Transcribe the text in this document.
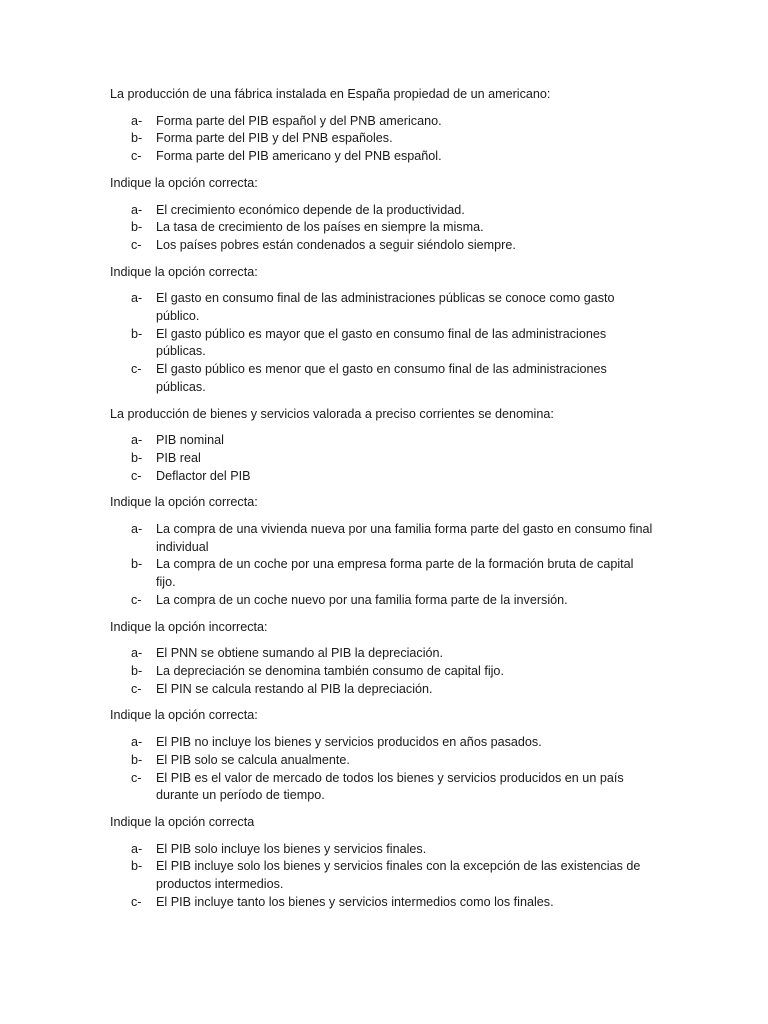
La producción de una fábrica instalada en España propiedad de un americano:

a-	Forma parte del PIB español y del PNB americano.
b-	Forma parte del PIB y del PNB españoles.
c-	Forma parte del PIB americano y del PNB español.

Indique la opción correcta:

a-	El crecimiento económico depende de la productividad.
b-	La tasa de crecimiento de los países en siempre la misma.
c-	Los países pobres están condenados a seguir siéndolo siempre.

Indique la opción correcta:

a-	El gasto en consumo final de las administraciones públicas se conoce como gasto público.
b-	El gasto público es mayor que el gasto en consumo final de las administraciones públicas.
c-	El gasto público es menor que el gasto en consumo final de las administraciones públicas.

La producción de bienes y servicios valorada a preciso corrientes se denomina:

a-	PIB nominal
b-	PIB real
c-	Deflactor del PIB

Indique la opción correcta:

a-	La compra de una vivienda nueva por una familia forma parte del gasto en consumo final individual
b-	La compra de un coche por una empresa forma parte de la formación bruta de capital fijo.
c-	La compra de un coche nuevo por una familia forma parte de la inversión.

Indique la opción incorrecta:

a-	El PNN se obtiene sumando al PIB la depreciación.
b-	La depreciación se denomina también consumo de capital fijo.
c-	El PIN se calcula restando al PIB la depreciación.

Indique la opción correcta:

a-	El PIB no incluye los bienes y servicios producidos en años pasados.
b-	El PIB solo se calcula anualmente.
c-	El PIB es el valor de mercado de todos los bienes y servicios producidos en un país durante un período de tiempo.

Indique la opción correcta

a-	El PIB solo incluye los bienes y servicios finales.
b-	El PIB incluye solo los bienes y servicios finales con la excepción de las existencias de productos intermedios.
c-	El PIB incluye tanto los bienes y servicios intermedios como los finales.
